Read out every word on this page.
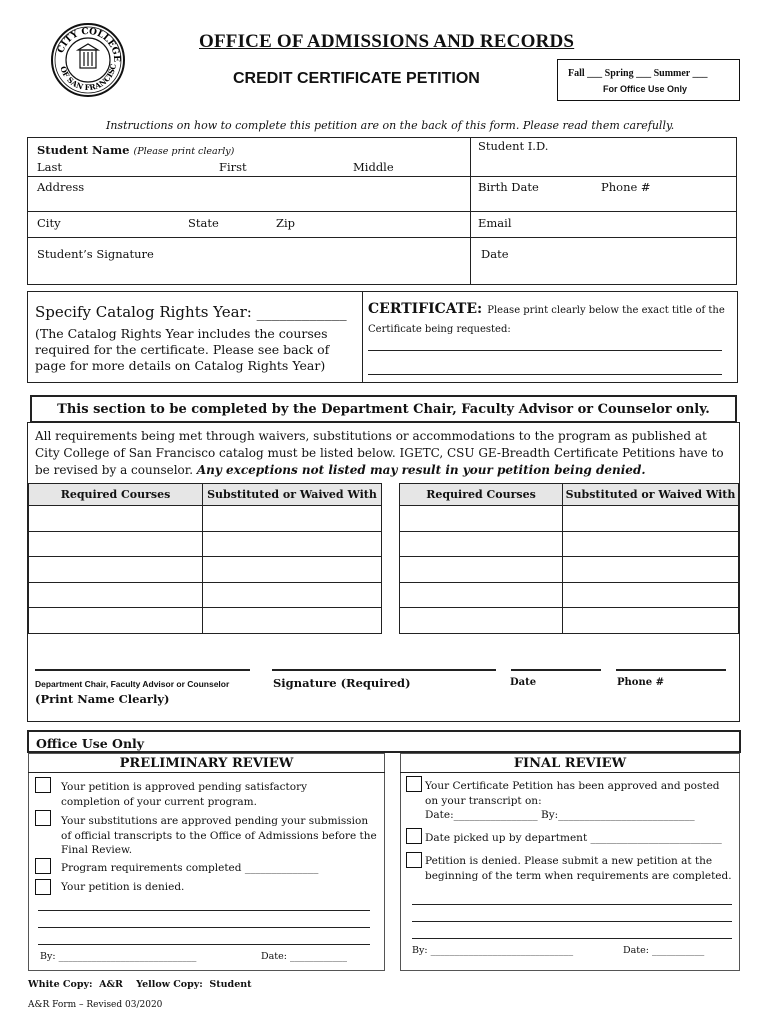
CITY COLLEGE
OF SAN FRANCISC
OFFICE OF ADMISSIONS AND RECORDS
CREDIT CERTIFICATE PETITION	Fall ___ Spring ___ Summer ___
For Office Use Only
Instructions on how to complete this petition are on the back of this form. Please read them carefully.
Student Name (Please print clearly)
Last	First	Middle
Student I.D.
Address	Birth Date	Phone #
City	State	Zip	Email
Student’s Signature	Date
Specify Catalog Rights Year: ____________
(The Catalog Rights Year includes the courses required for the certificate. Please see back of page for more details on Catalog Rights Year)
CERTIFICATE: Please print clearly below the exact title of the Certificate being requested:
This section to be completed by the Department Chair, Faculty Advisor or Counselor only.
All requirements being met through waivers, substitutions or accommodations to the program as published at City College of San Francisco catalog must be listed below. IGETC, CSU GE-Breadth Certificate Petitions have to be revised by a counselor. Any exceptions not listed may result in your petition being denied.
Required Courses	Substituted or Waived With

		Required Courses	Substituted or Waived With

Department Chair, Faculty Advisor or Counselor
(Print Name Clearly)
Signature (Required)	Date	Phone #
Office Use Only
PRELIMINARY REVIEW
Your petition is approved pending satisfactory completion of your current program.
Your substitutions are approved pending your submission of official transcripts to the Office of Admissions before the Final Review.
Program requirements completed ______________
Your petition is denied.
By: _____________________________	Date: ____________
FINAL REVIEW
Your Certificate Petition has been approved and posted on your transcript on:
Date:________________ By:__________________________
Date picked up by department _________________________
Petition is denied. Please submit a new petition at the beginning of the term when requirements are completed.
By: ______________________________	Date: ___________
White Copy:  A&R    Yellow Copy:  Student
A&R Form – Revised 03/2020
